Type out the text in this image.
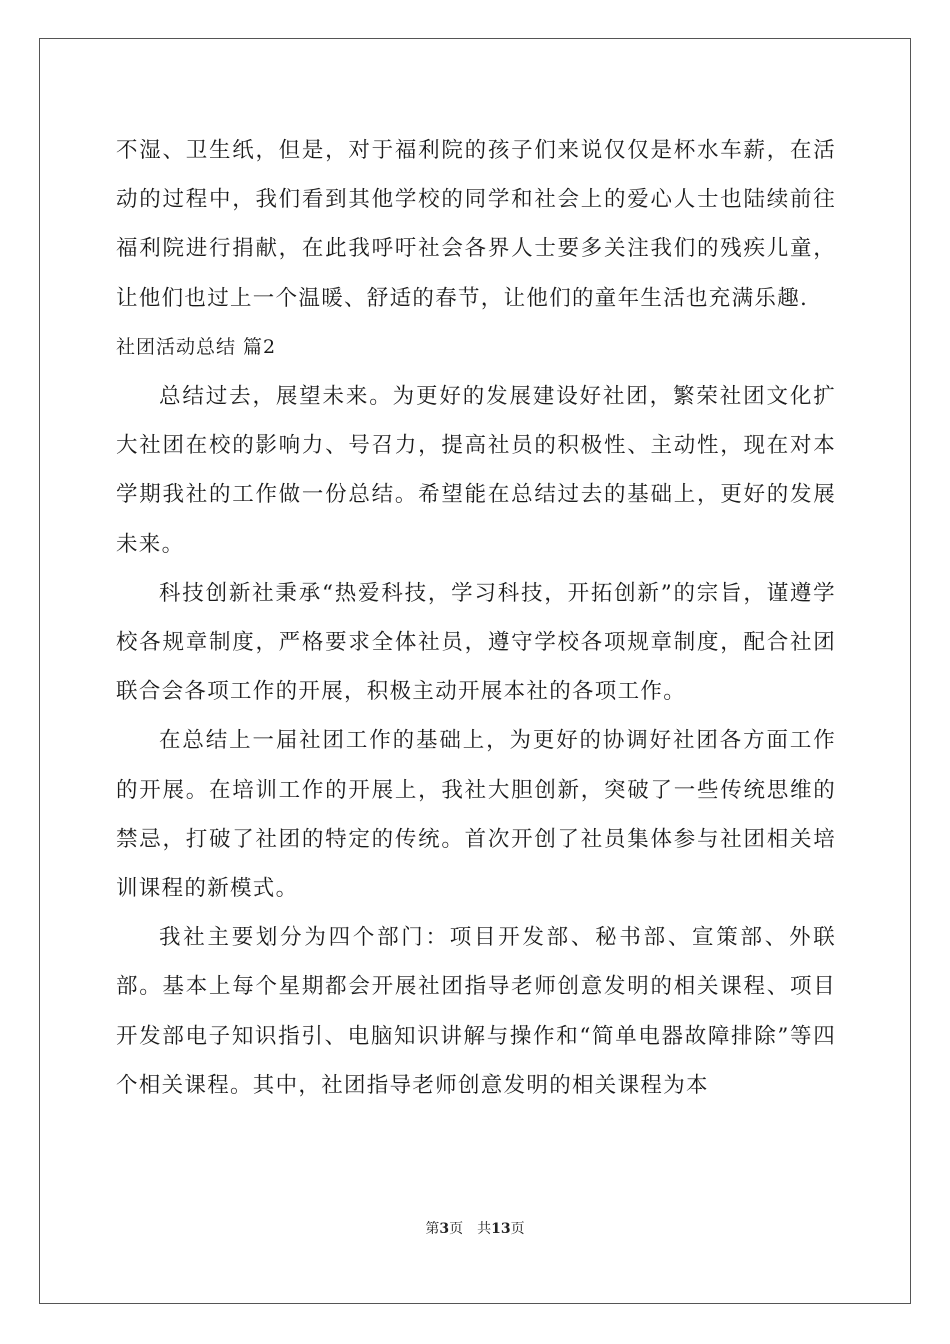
不湿、卫生纸，但是，对于福利院的孩子们来说仅仅是杯水车薪，在活动的过程中，我们看到其他学校的同学和社会上的爱心人士也陆续前往福利院进行捐献，在此我呼吁社会各界人士要多关注我们的残疾儿童，让他们也过上一个温暖、舒适的春节，让他们的童年生活也充满乐趣.

社团活动总结 篇2

总结过去，展望未来。为更好的发展建设好社团，繁荣社团文化扩大社团在校的影响力、号召力，提高社员的积极性、主动性，现在对本学期我社的工作做一份总结。希望能在总结过去的基础上，更好的发展未来。

科技创新社秉承“热爱科技，学习科技，开拓创新”的宗旨，谨遵学校各规章制度，严格要求全体社员，遵守学校各项规章制度，配合社团联合会各项工作的开展，积极主动开展本社的各项工作。

在总结上一届社团工作的基础上，为更好的协调好社团各方面工作的开展。在培训工作的开展上，我社大胆创新，突破了一些传统思维的禁忌，打破了社团的特定的传统。首次开创了社员集体参与社团相关培训课程的新模式。

我社主要划分为四个部门：项目开发部、秘书部、宣策部、外联部。基本上每个星期都会开展社团指导老师创意发明的相关课程、项目开发部电子知识指引、电脑知识讲解与操作和“简单电器故障排除”等四个相关课程。其中，社团指导老师创意发明的相关课程为本

第3页 共13页
